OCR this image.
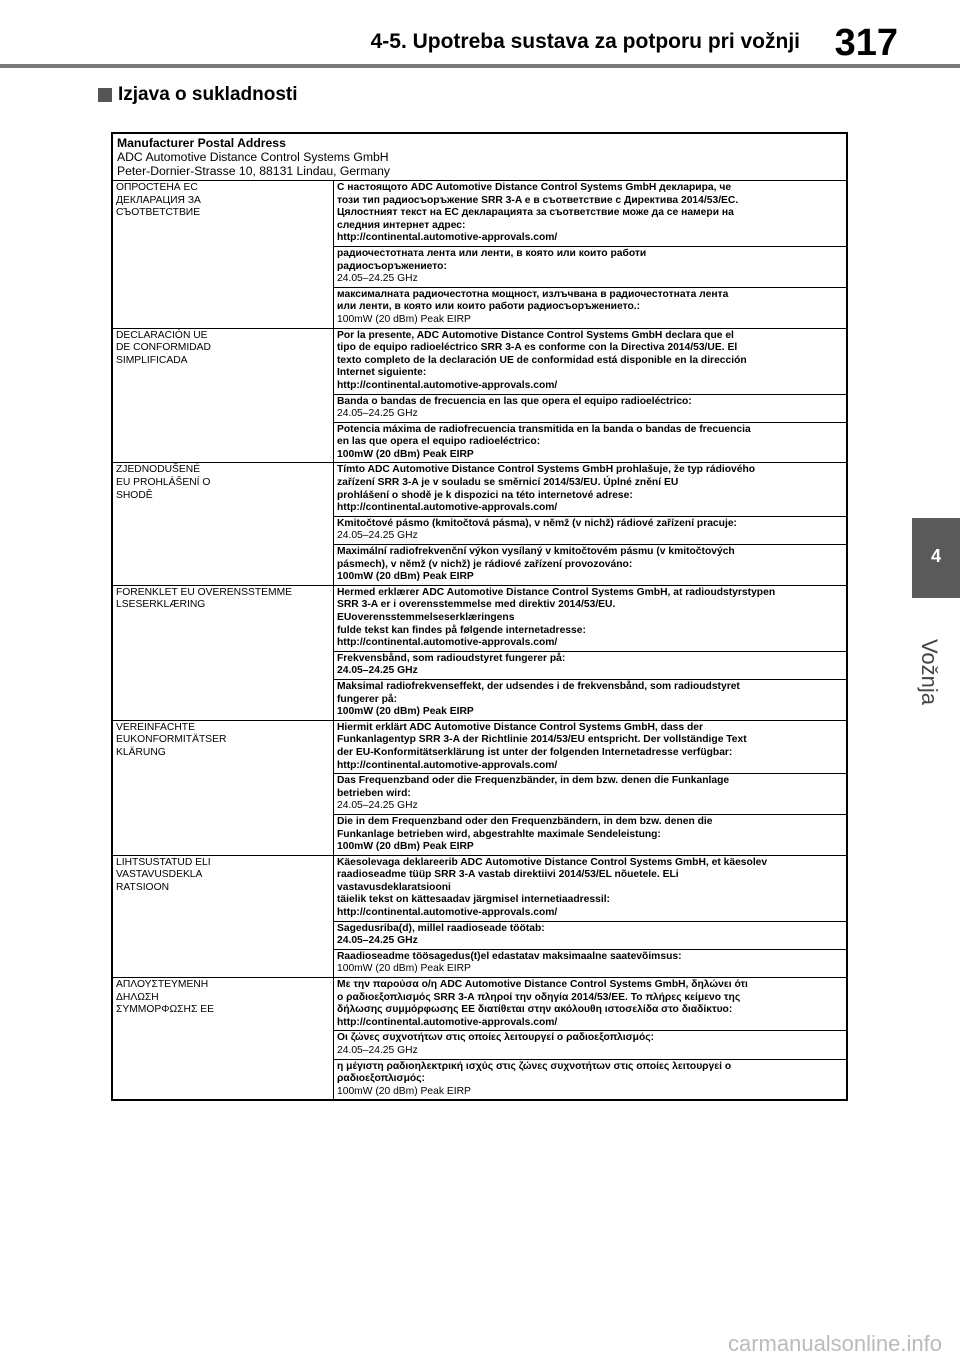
4-5. Upotreba sustava za potporu pri vožnji 317
Izjava o sukladnosti
4
Vožnja
Manufacturer Postal Address
ADC Automotive Distance Control Systems GmbH
Peter-Dornier-Strasse 10, 88131 Lindau, Germany
ОПРОСТЕНА ЕС
ДЕКЛАРАЦИЯ ЗА
СЪОТВЕТСТВИЕ
С настоящото ADC Automotive Distance Control Systems GmbH декларира, че
този тип радиосъоръжение SRR 3-A е в съответствие с Директива 2014/53/ЕС.
Цялостният текст на ЕС декларацията за съответствие може да се намери на
следния интернет адрес:
http://continental.automotive-approvals.com/
радиочестотната лента или ленти, в която или които работи
радиосъоръжението:
24.05–24.25 GHz
максималната радиочестотна мощност, излъчвана в радиочестотната лента
или ленти, в която или които работи радиосъоръжението.:
100mW (20 dBm) Peak EIRP
DECLARACIÓN UE
DE CONFORMIDAD
SIMPLIFICADA
Por la presente, ADC Automotive Distance Control Systems GmbH declara que el
tipo de equipo radioeléctrico SRR 3-A es conforme con la Directiva 2014/53/UE. El
texto completo de la declaración UE de conformidad está disponible en la dirección
Internet siguiente:
http://continental.automotive-approvals.com/
Banda o bandas de frecuencia en las que opera el equipo radioeléctrico:
24.05–24.25 GHz
Potencia máxima de radiofrecuencia transmitida en la banda o bandas de frecuencia
en las que opera el equipo radioeléctrico:
100mW (20 dBm) Peak EIRP
ZJEDNODUŠENÉ
EU PROHLÁŠENÍ O
SHODĚ
Tímto ADC Automotive Distance Control Systems GmbH prohlašuje, že typ rádiového
zařízení SRR 3-A je v souladu se směrnicí 2014/53/EU. Úplné znění EU
prohlášení o shodě je k dispozici na této internetové adrese:
http://continental.automotive-approvals.com/
Kmitočtové pásmo (kmitočtová pásma), v němž (v nichž) rádiové zařízení pracuje:
24.05–24.25 GHz
Maximální radiofrekvenční výkon vysílaný v kmitočtovém pásmu (v kmitočtových
pásmech), v němž (v nichž) je rádiové zařízení provozováno:
100mW (20 dBm) Peak EIRP
FORENKLET EU OVERENSSTEMME
LSESERKLÆRING
Hermed erklærer ADC Automotive Distance Control Systems GmbH, at radioudstyrstypen
SRR 3-A er i overensstemmelse med direktiv 2014/53/EU.
EUoverensstemmelseserklæringens
fulde tekst kan findes på følgende internetadresse:
http://continental.automotive-approvals.com/
Frekvensbånd, som radioudstyret fungerer på:
24.05–24.25 GHz
Maksimal radiofrekvenseffekt, der udsendes i de frekvensbånd, som radioudstyret
fungerer på:
100mW (20 dBm) Peak EIRP
VEREINFACHTE
EUKONFORMITÄTSER
KLÄRUNG
Hiermit erklärt ADC Automotive Distance Control Systems GmbH, dass der
Funkanlagentyp SRR 3-A der Richtlinie 2014/53/EU entspricht. Der vollständige Text
der EU-Konformitätserklärung ist unter der folgenden Internetadresse verfügbar:
http://continental.automotive-approvals.com/
Das Frequenzband oder die Frequenzbänder, in dem bzw. denen die Funkanlage
betrieben wird:
24.05–24.25 GHz
Die in dem Frequenzband oder den Frequenzbändern, in dem bzw. denen die
Funkanlage betrieben wird, abgestrahlte maximale Sendeleistung:
100mW (20 dBm) Peak EIRP
LIHTSUSTATUD ELI
VASTAVUSDEKLA
RATSIOON
Käesolevaga deklareerib ADC Automotive Distance Control Systems GmbH, et käesolev
raadioseadme tüüp SRR 3-A vastab direktiivi 2014/53/EL nõuetele. ELi
vastavusdeklaratsiooni
täielik tekst on kättesaadav järgmisel internetiaadressil:
http://continental.automotive-approvals.com/
Sagedusriba(d), millel raadioseade töötab:
24.05–24.25 GHz
Raadioseadme töösagedus(t)el edastatav maksimaalne saatevõimsus:
100mW (20 dBm) Peak EIRP
ΑΠΛΟΥΣΤΕΥΜΕΝΗ
ΔΗΛΩΣΗ
ΣΥΜΜΟΡΦΩΣΗΣ ΕΕ
Με την παρούσα ο/η ADC Automotive Distance Control Systems GmbH, δηλώνει ότι
ο ραδιοεξοπλισμός SRR 3-A πληροί την οδηγία 2014/53/ΕΕ. Το πλήρες κείμενο της
δήλωσης συμμόρφωσης ΕΕ διατίθεται στην ακόλουθη ιστοσελίδα στο διαδίκτυο:
http://continental.automotive-approvals.com/
Οι ζώνες συχνοτήτων στις οποίες λειτουργεί ο ραδιοεξοπλισμός:
24.05–24.25 GHz
η μέγιστη ραδιοηλεκτρική ισχύς στις ζώνες συχνοτήτων στις οποίες λειτουργεί ο
ραδιοεξοπλισμός:
100mW (20 dBm) Peak EIRP
carmanualsonline.info
